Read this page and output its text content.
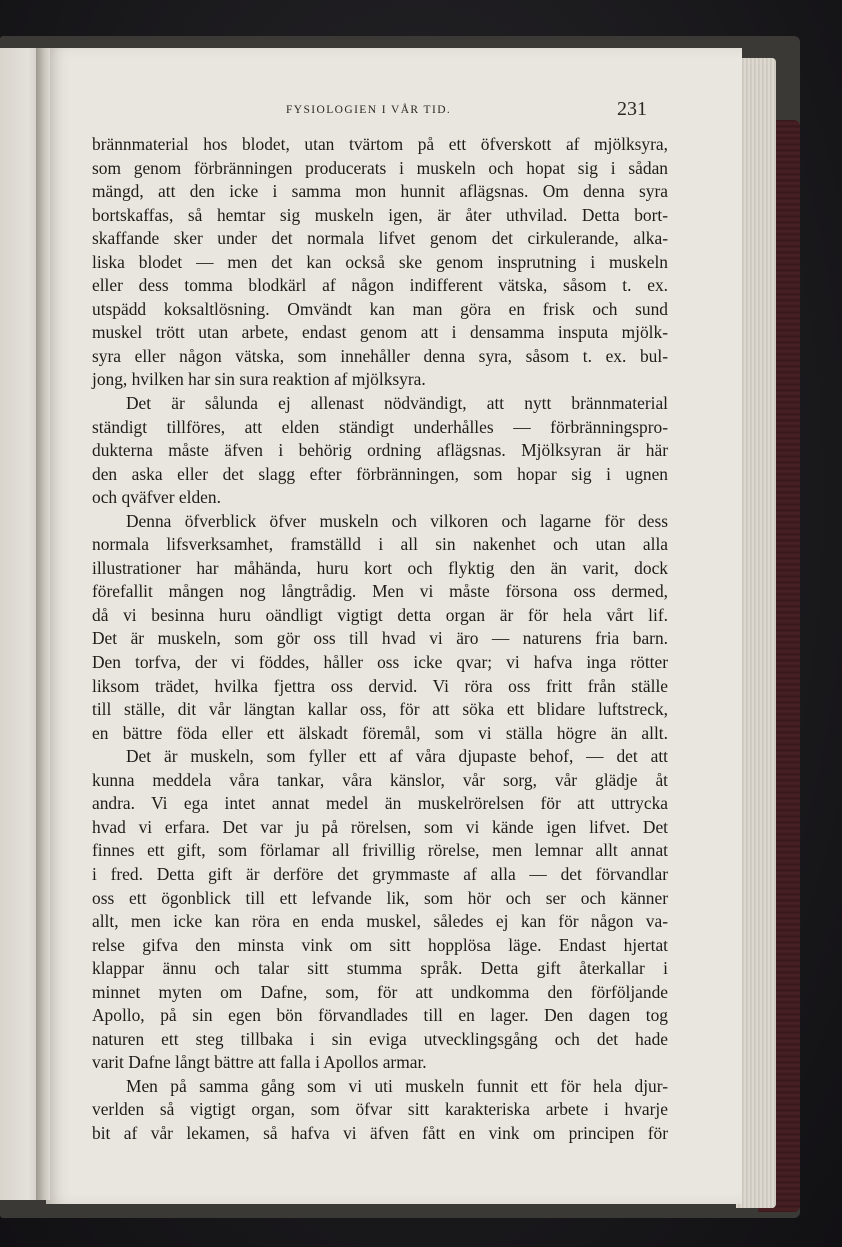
FYSIOLOGIEN I VÅR TID.	231
brännmaterial hos blodet, utan tvärtom på ett öfverskott af mjölksyra,
som genom förbränningen producerats i muskeln och hopat sig i sådan
mängd, att den icke i samma mon hunnit aflägsnas. Om denna syra
bortskaffas, så hemtar sig muskeln igen, är åter uthvilad. Detta bort-
skaffande sker under det normala lifvet genom det cirkulerande, alka-
liska blodet — men det kan också ske genom insprutning i muskeln
eller dess tomma blodkärl af någon indifferent vätska, såsom t. ex.
utspädd koksaltlösning. Omvändt kan man göra en frisk och sund
muskel trött utan arbete, endast genom att i densamma insputa mjölk-
syra eller någon vätska, som innehåller denna syra, såsom t. ex. bul-
jong, hvilken har sin sura reaktion af mjölksyra.
Det är sålunda ej allenast nödvändigt, att nytt brännmaterial
ständigt tillföres, att elden ständigt underhålles — förbränningspro-
dukterna måste äfven i behörig ordning aflägsnas. Mjölksyran är här
den aska eller det slagg efter förbränningen, som hopar sig i ugnen
och qväfver elden.
Denna öfverblick öfver muskeln och vilkoren och lagarne för dess
normala lifsverksamhet, framställd i all sin nakenhet och utan alla
illustrationer har måhända, huru kort och flyktig den än varit, dock
förefallit mången nog långtrådig. Men vi måste försona oss dermed,
då vi besinna huru oändligt vigtigt detta organ är för hela vårt lif.
Det är muskeln, som gör oss till hvad vi äro — naturens fria barn.
Den torfva, der vi föddes, håller oss icke qvar; vi hafva inga rötter
liksom trädet, hvilka fjettra oss dervid. Vi röra oss fritt från ställe
till ställe, dit vår längtan kallar oss, för att söka ett blidare luftstreck,
en bättre föda eller ett älskadt föremål, som vi ställa högre än allt.
Det är muskeln, som fyller ett af våra djupaste behof, — det att
kunna meddela våra tankar, våra känslor, vår sorg, vår glädje åt
andra. Vi ega intet annat medel än muskelrörelsen för att uttrycka
hvad vi erfara. Det var ju på rörelsen, som vi kände igen lifvet. Det
finnes ett gift, som förlamar all frivillig rörelse, men lemnar allt annat
i fred. Detta gift är derföre det grymmaste af alla — det förvandlar
oss ett ögonblick till ett lefvande lik, som hör och ser och känner
allt, men icke kan röra en enda muskel, således ej kan för någon va-
relse gifva den minsta vink om sitt hopplösa läge. Endast hjertat
klappar ännu och talar sitt stumma språk. Detta gift återkallar i
minnet myten om Dafne, som, för att undkomma den förföljande
Apollo, på sin egen bön förvandlades till en lager. Den dagen tog
naturen ett steg tillbaka i sin eviga utvecklingsgång och det hade
varit Dafne långt bättre att falla i Apollos armar.
Men på samma gång som vi uti muskeln funnit ett för hela djur-
verlden så vigtigt organ, som öfvar sitt karakteriska arbete i hvarje
bit af vår lekamen, så hafva vi äfven fått en vink om principen för
